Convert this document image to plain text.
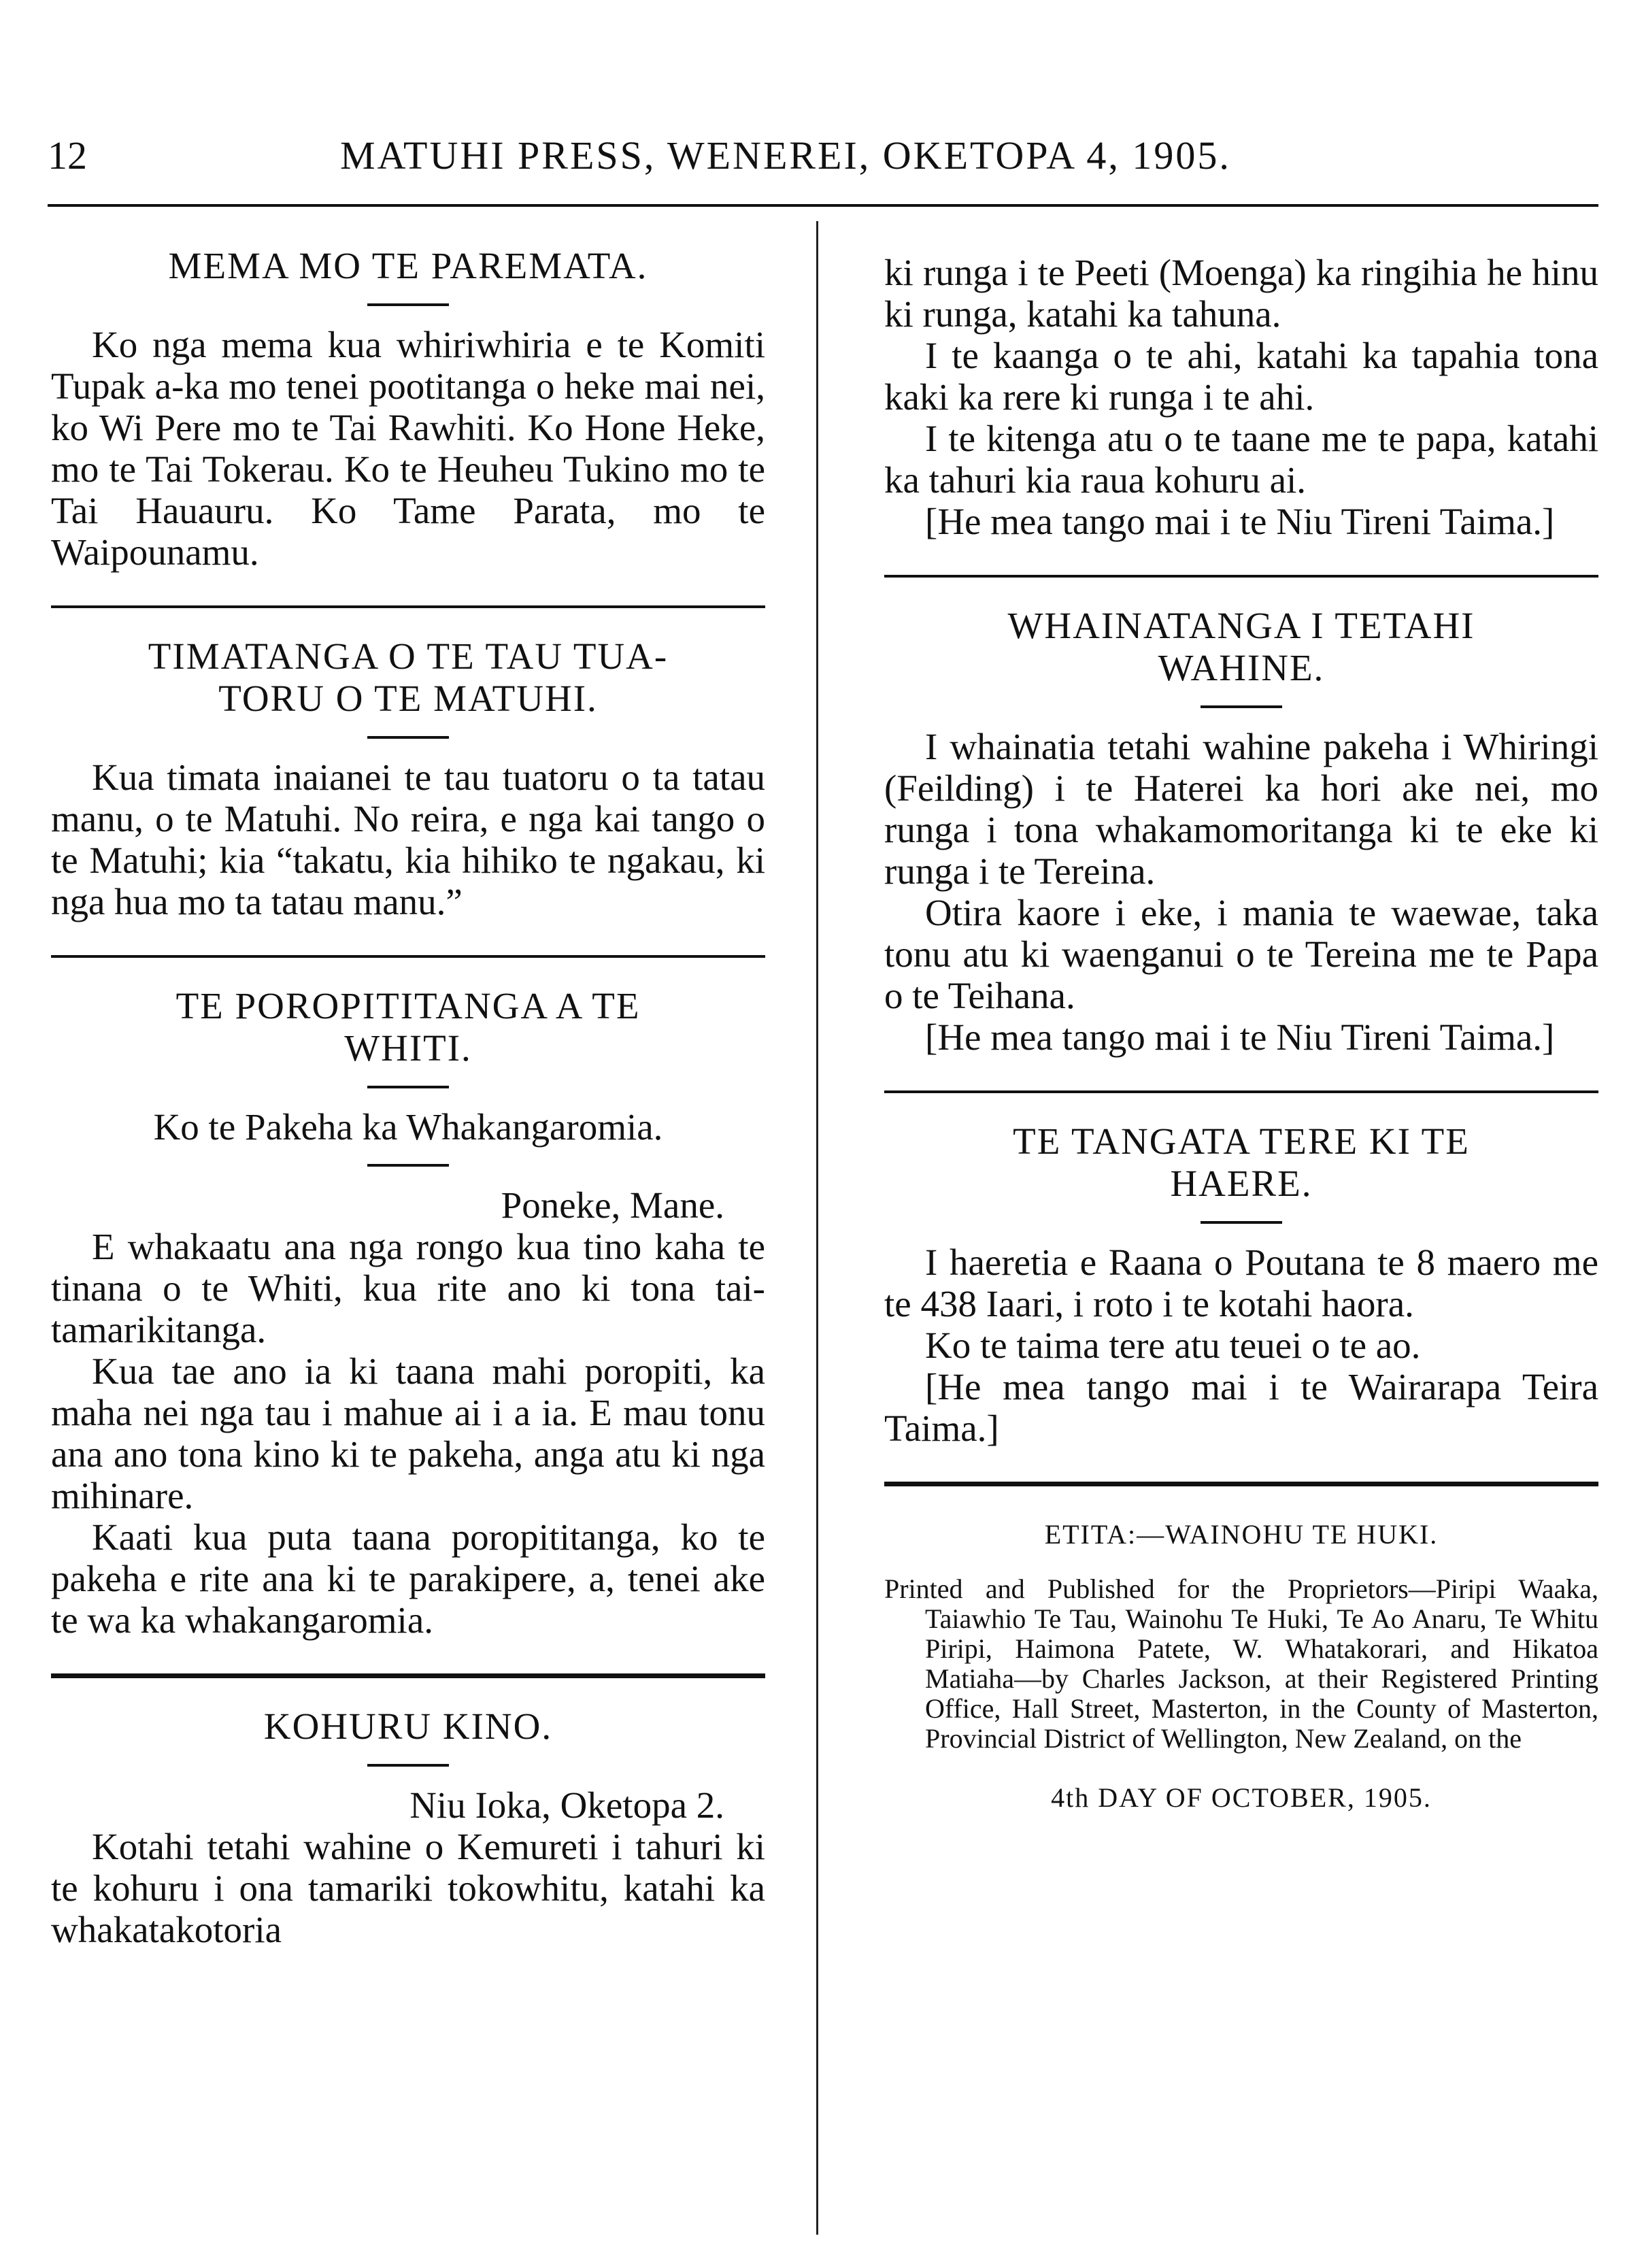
12	MATUHI PRESS, WENEREI, OKETOPA 4, 1905.
MEMA MO TE PAREMATA.

Ko nga mema kua whiriwhiria e te Komiti Tupak a-ka mo tenei pootitanga o heke mai nei, ko Wi Pere mo te Tai Rawhiti. Ko Hone Heke, mo te Tai Tokerau. Ko te Heuheu Tukino mo te Tai Hauauru. Ko Tame Parata, mo te Waipounamu.

TIMATANGA O TE TAU TUA-
TORU O TE MATUHI.

Kua timata inaianei te tau tuatoru o ta tatau manu, o te Matuhi. No reira, e nga kai tango o te Matuhi; kia “takatu, kia hihiko te ngakau, ki nga hua mo ta tatau manu.”

TE POROPITITANGA A TE
WHITI.

Ko te Pakeha ka Whakangaromia.

Poneke, Mane.

E whakaatu ana nga rongo kua tino kaha te tinana o te Whiti, kua rite ano ki tona tai-tamarikitanga.

Kua tae ano ia ki taana mahi poropiti, ka maha nei nga tau i mahue ai i a ia. E mau tonu ana ano tona kino ki te pakeha, anga atu ki nga mihinare.

Kaati kua puta taana poropititanga, ko te pakeha e rite ana ki te parakipere, a, tenei ake te wa ka whakangaromia.

KOHURU KINO.

Niu Ioka, Oketopa 2.

Kotahi tetahi wahine o Kemureti i tahuri ki te kohuru i ona tamariki tokowhitu, katahi ka whakatakotoria

ki runga i te Peeti (Moenga) ka ringihia he hinu ki runga, katahi ka tahuna.

I te kaanga o te ahi, katahi ka tapahia tona kaki ka rere ki runga i te ahi.

I te kitenga atu o te taane me te papa, katahi ka tahuri kia raua kohuru ai.

[He mea tango mai i te Niu Tireni Taima.]

WHAINATANGA I TETAHI
WAHINE.

I whainatia tetahi wahine pakeha i Whiringi (Feilding) i te Haterei ka hori ake nei, mo runga i tona whakamomoritanga ki te eke ki runga i te Tereina.

Otira kaore i eke, i mania te waewae, taka tonu atu ki waenganui o te Tereina me te Papa o te Teihana.

[He mea tango mai i te Niu Tireni Taima.]

TE TANGATA TERE KI TE
HAERE.

I haeretia e Raana o Poutana te 8 maero me te 438 Iaari, i roto i te kotahi haora.

Ko te taima tere atu teuei o te ao.

[He mea tango mai i te Wairarapa Teira Taima.]

ETITA:—WAINOHU TE HUKI.
Printed and Published for the Proprietors—Piripi Waaka, Taiawhio Te Tau, Wainohu Te Huki, Te Ao Anaru, Te Whitu Piripi, Haimona Patete, W. Whatakorari, and Hikatoa Matiaha—by Charles Jackson, at their Registered Printing Office, Hall Street, Masterton, in the County of Masterton, Provincial District of Wellington, New Zealand, on the
4th DAY OF OCTOBER, 1905.
